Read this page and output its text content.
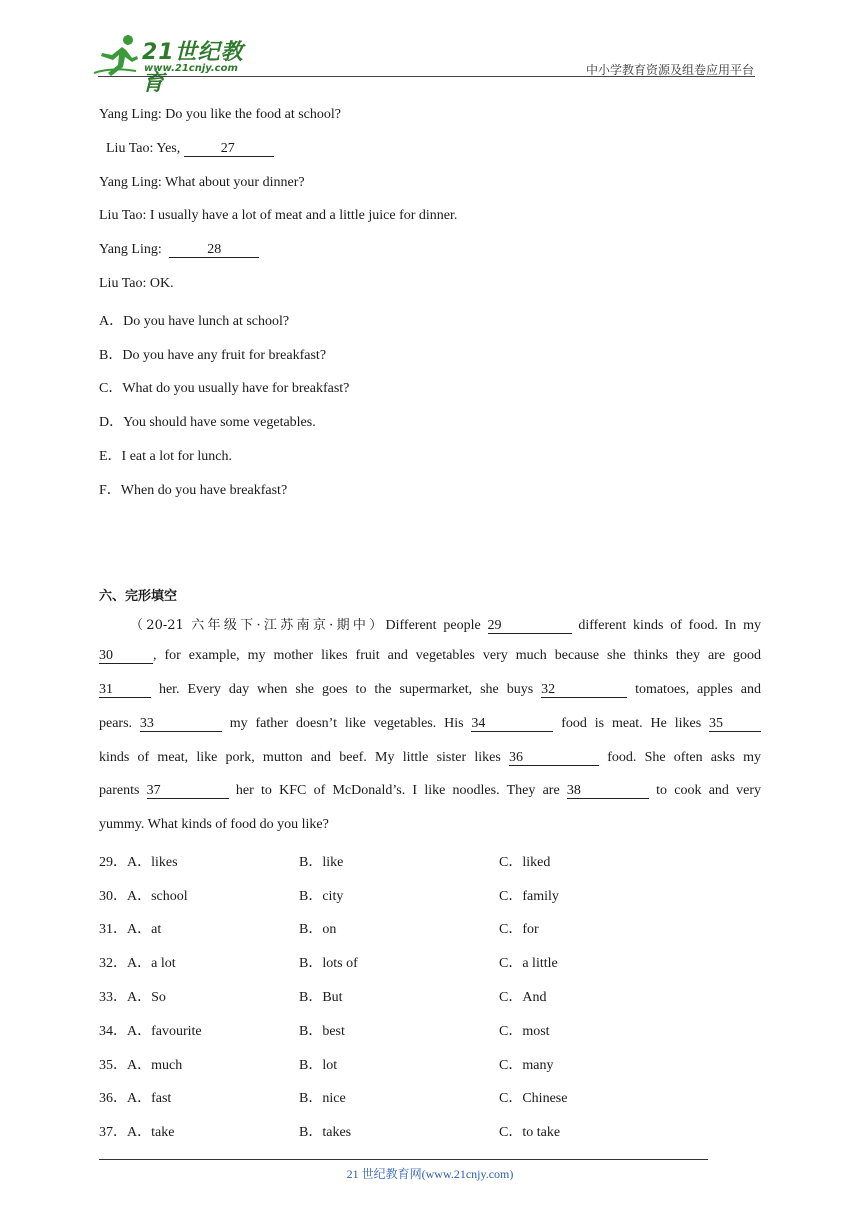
21世纪教育
www.21cnjy.com	中小学教育资源及组卷应用平台
Yang Ling: Do you like the food at school?
Liu Tao: Yes,	27
Yang Ling: What about your dinner?
Liu Tao: I usually have a lot of meat and a little juice for dinner.
Yang Ling:	28
Liu Tao: OK.
A．Do you have lunch at school?
B．Do you have any fruit for breakfast?
C．What do you usually have for breakfast?
D．You should have some vegetables.
E．I eat a lot for lunch.
F．When do you have breakfast?
六、完形填空
（20-21 六年级下·江苏南京·期中）Different people 29	different kinds of food. In my
30	, for example, my mother likes fruit and vegetables very much because she thinks they are good
31	her. Every day when she goes to the supermarket, she buys 32	tomatoes, apples and
pears. 33	my father doesn’t like vegetables. His 34	food is meat. He likes 35
kinds of meat, like pork, mutton and beef. My little sister likes 36	food. She often asks my
parents 37	her to KFC of McDonald’s. I like noodles. They are 38	to cook and very
yummy. What kinds of food do you like?
29．A．likes	B．like	C．liked
30．A．school	B．city	C．family
31．A．at	B．on	C．for
32．A．a lot	B．lots of	C．a little
33．A．So	B．But	C．And
34．A．favourite	B．best	C．most
35．A．much	B．lot	C．many
36．A．fast	B．nice	C．Chinese
37．A．take	B．takes	C．to take
21 世纪教育网(www.21cnjy.com)
